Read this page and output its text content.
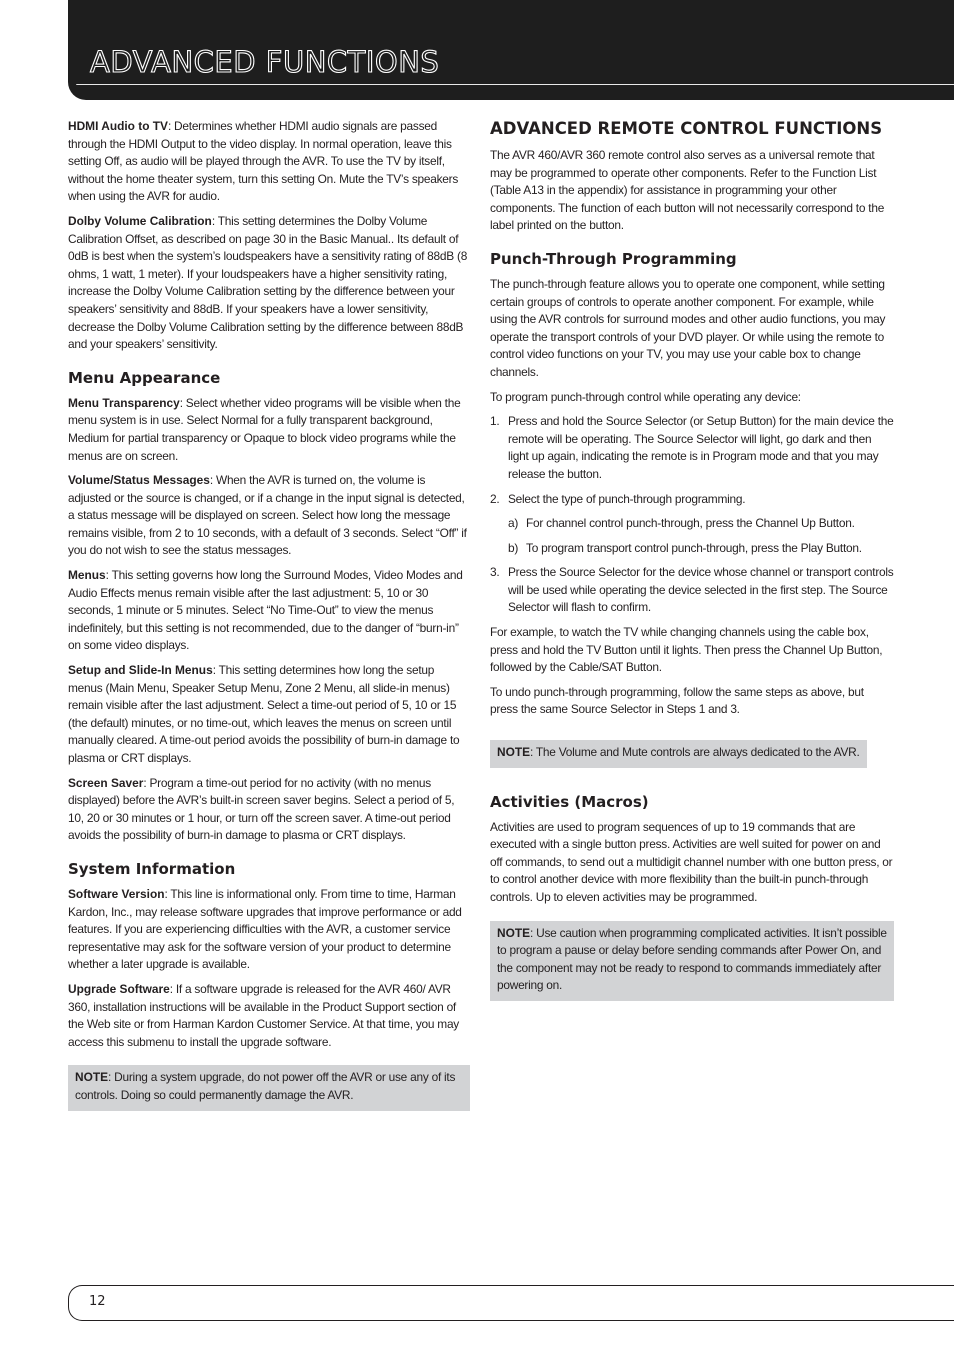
ADVANCED FUNCTIONS

HDMI Audio to TV: Determines whether HDMI audio signals are passed through the HDMI Output to the video display. In normal operation, leave this setting Off, as audio will be played through the AVR. To use the TV by itself, without the home theater system, turn this setting On. Mute the TV’s speakers when using the AVR for audio.

Dolby Volume Calibration: This setting determines the Dolby Volume Calibration Offset, as described on page 30 in the Basic Manual.. Its default of 0dB is best when the system’s loudspeakers have a sensitivity rating of 88dB (8 ohms, 1 watt, 1 meter). If your loudspeakers have a higher sensitivity rating, increase the Dolby Volume Calibration setting by the difference between your speakers’ sensitivity and 88dB. If your speakers have a lower sensitivity, decrease the Dolby Volume Calibration setting by the difference between 88dB and your speakers’ sensitivity.

Menu Appearance

Menu Transparency: Select whether video programs will be visible when the menu system is in use. Select Normal for a fully transparent background, Medium for partial transparency or Opaque to block video programs while the menus are on screen.

Volume/Status Messages: When the AVR is turned on, the volume is adjusted or the source is changed, or if a change in the input signal is detected, a status message will be displayed on screen. Select how long the message remains visible, from 2 to 10 seconds, with a default of 3 seconds. Select “Off” if you do not wish to see the status messages.

Menus: This setting governs how long the Surround Modes, Video Modes and Audio Effects menus remain visible after the last adjustment: 5, 10 or 30 seconds, 1 minute or 5 minutes. Select “No Time-Out” to view the menus indefinitely, but this setting is not recommended, due to the danger of “burn-in” on some video displays.

Setup and Slide-In Menus: This setting determines how long the setup menus (Main Menu, Speaker Setup Menu, Zone 2 Menu, all slide-in menus) remain visible after the last adjustment. Select a time-out period of 5, 10 or 15 (the default) minutes, or no time-out, which leaves the menus on screen until manually cleared. A time-out period avoids the possibility of burn-in damage to plasma or CRT displays.

Screen Saver: Program a time-out period for no activity (with no menus displayed) before the AVR’s built-in screen saver begins. Select a period of 5, 10, 20 or 30 minutes or 1 hour, or turn off the screen saver. A time-out period avoids the possibility of burn-in damage to plasma or CRT displays.

System Information

Software Version: This line is informational only. From time to time, Harman Kardon, Inc., may release software upgrades that improve performance or add features. If you are experiencing difficulties with the AVR, a customer service representative may ask for the software version of your product to determine whether a later upgrade is available.

Upgrade Software: If a software upgrade is released for the AVR 460/ AVR 360, installation instructions will be available in the Product Support section of the Web site or from Harman Kardon Customer Service. At that time, you may access this submenu to install the upgrade software.

NOTE: During a system upgrade, do not power off the AVR or use any of its controls. Doing so could permanently damage the AVR.

ADVANCED REMOTE CONTROL FUNCTIONS

The AVR 460/AVR 360 remote control also serves as a universal remote that may be programmed to operate other components. Refer to the Function List (Table A13 in the appendix) for assistance in programming your other components. The function of each button will not necessarily correspond to the label printed on the button.

Punch-Through Programming

The punch-through feature allows you to operate one component, while setting certain groups of controls to operate another component. For example, while using the AVR controls for surround modes and other audio functions, you may operate the transport controls of your DVD player. Or while using the remote to control video functions on your TV, you may use your cable box to change channels.

To program punch-through control while operating any device:

1. Press and hold the Source Selector (or Setup Button) for the main device the remote will be operating. The Source Selector will light, go dark and then light up again, indicating the remote is in Program mode and that you may release the button.
2. Select the type of punch-through programming.
a) For channel control punch-through, press the Channel Up Button.
b) To program transport control punch-through, press the Play Button.
3. Press the Source Selector for the device whose channel or transport controls will be used while operating the device selected in the first step. The Source Selector will flash to confirm.

For example, to watch the TV while changing channels using the cable box, press and hold the TV Button until it lights. Then press the Channel Up Button, followed by the Cable/SAT Button.

To undo punch-through programming, follow the same steps as above, but press the same Source Selector in Steps 1 and 3.

NOTE: The Volume and Mute controls are always dedicated to the AVR.

Activities (Macros)

Activities are used to program sequences of up to 19 commands that are executed with a single button press. Activities are well suited for power on and off commands, to send out a multidigit channel number with one button press, or to control another device with more flexibility than the built-in punch-through controls. Up to eleven activities may be programmed.

NOTE: Use caution when programming complicated activities. It isn’t possible to program a pause or delay before sending commands after Power On, and the component may not be ready to respond to commands immediately after powering on.

12
